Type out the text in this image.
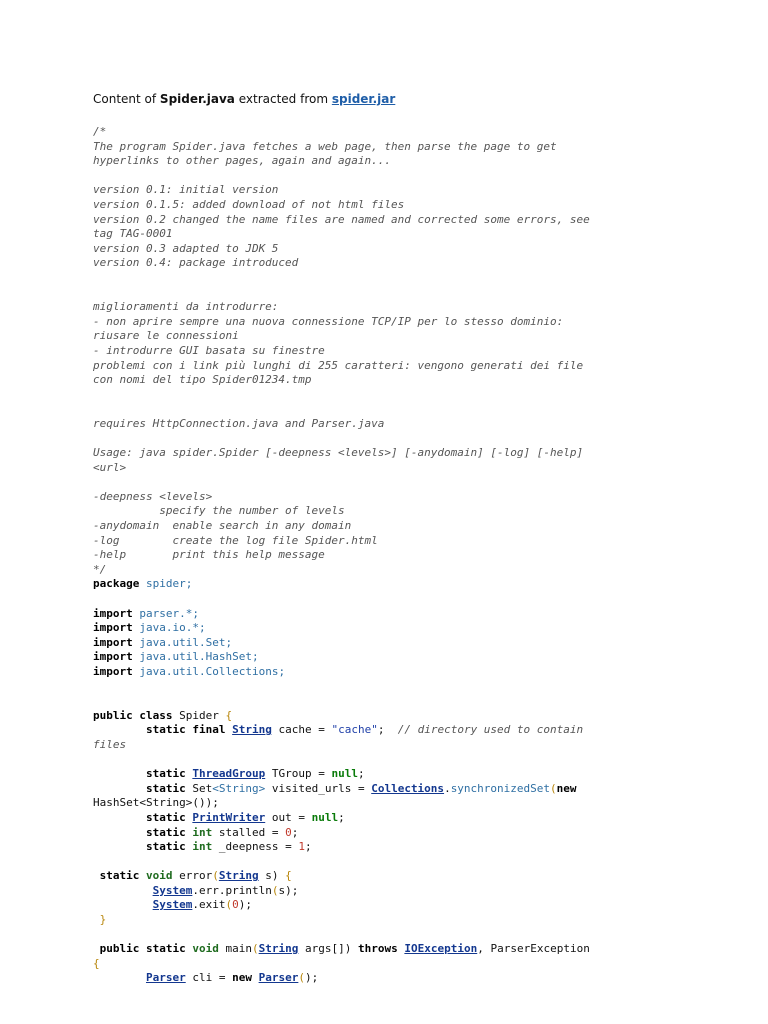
Content of Spider.java extracted from spider.jar
/*
The program Spider.java fetches a web page, then parse the page to get
hyperlinks to other pages, again and again...

version 0.1: initial version
version 0.1.5: added download of not html files
version 0.2 changed the name files are named and corrected some errors, see
tag TAG-0001
version 0.3 adapted to JDK 5
version 0.4: package introduced

miglioramenti da introdurre:
- non aprire sempre una nuova connessione TCP/IP per lo stesso dominio:
riusare le connessioni
- introdurre GUI basata su finestre
problemi con i link più lunghi di 255 caratteri: vengono generati dei file
con nomi del tipo Spider01234.tmp

requires HttpConnection.java and Parser.java

Usage: java spider.Spider [-deepness <levels>] [-anydomain] [-log] [-help]
<url>

-deepness <levels>
specify the number of levels
-anydomain  enable search in any domain
-log        create the log file Spider.html
-help       print this help message
*/
package spider;

import parser.*;
import java.io.*;
import java.util.Set;
import java.util.HashSet;
import java.util.Collections;

public class Spider {
static final String cache = "cache";  // directory used to contain
files

static ThreadGroup TGroup = null;
static Set<String> visited_urls = Collections.synchronizedSet(new
HashSet<String>());
static PrintWriter out = null;
static int stalled = 0;
static int _deepness = 1;

static void error(String s) {
System.err.println(s);
System.exit(0);
}

public static void main(String args[]) throws IOException, ParserException
{
Parser cli = new Parser();
